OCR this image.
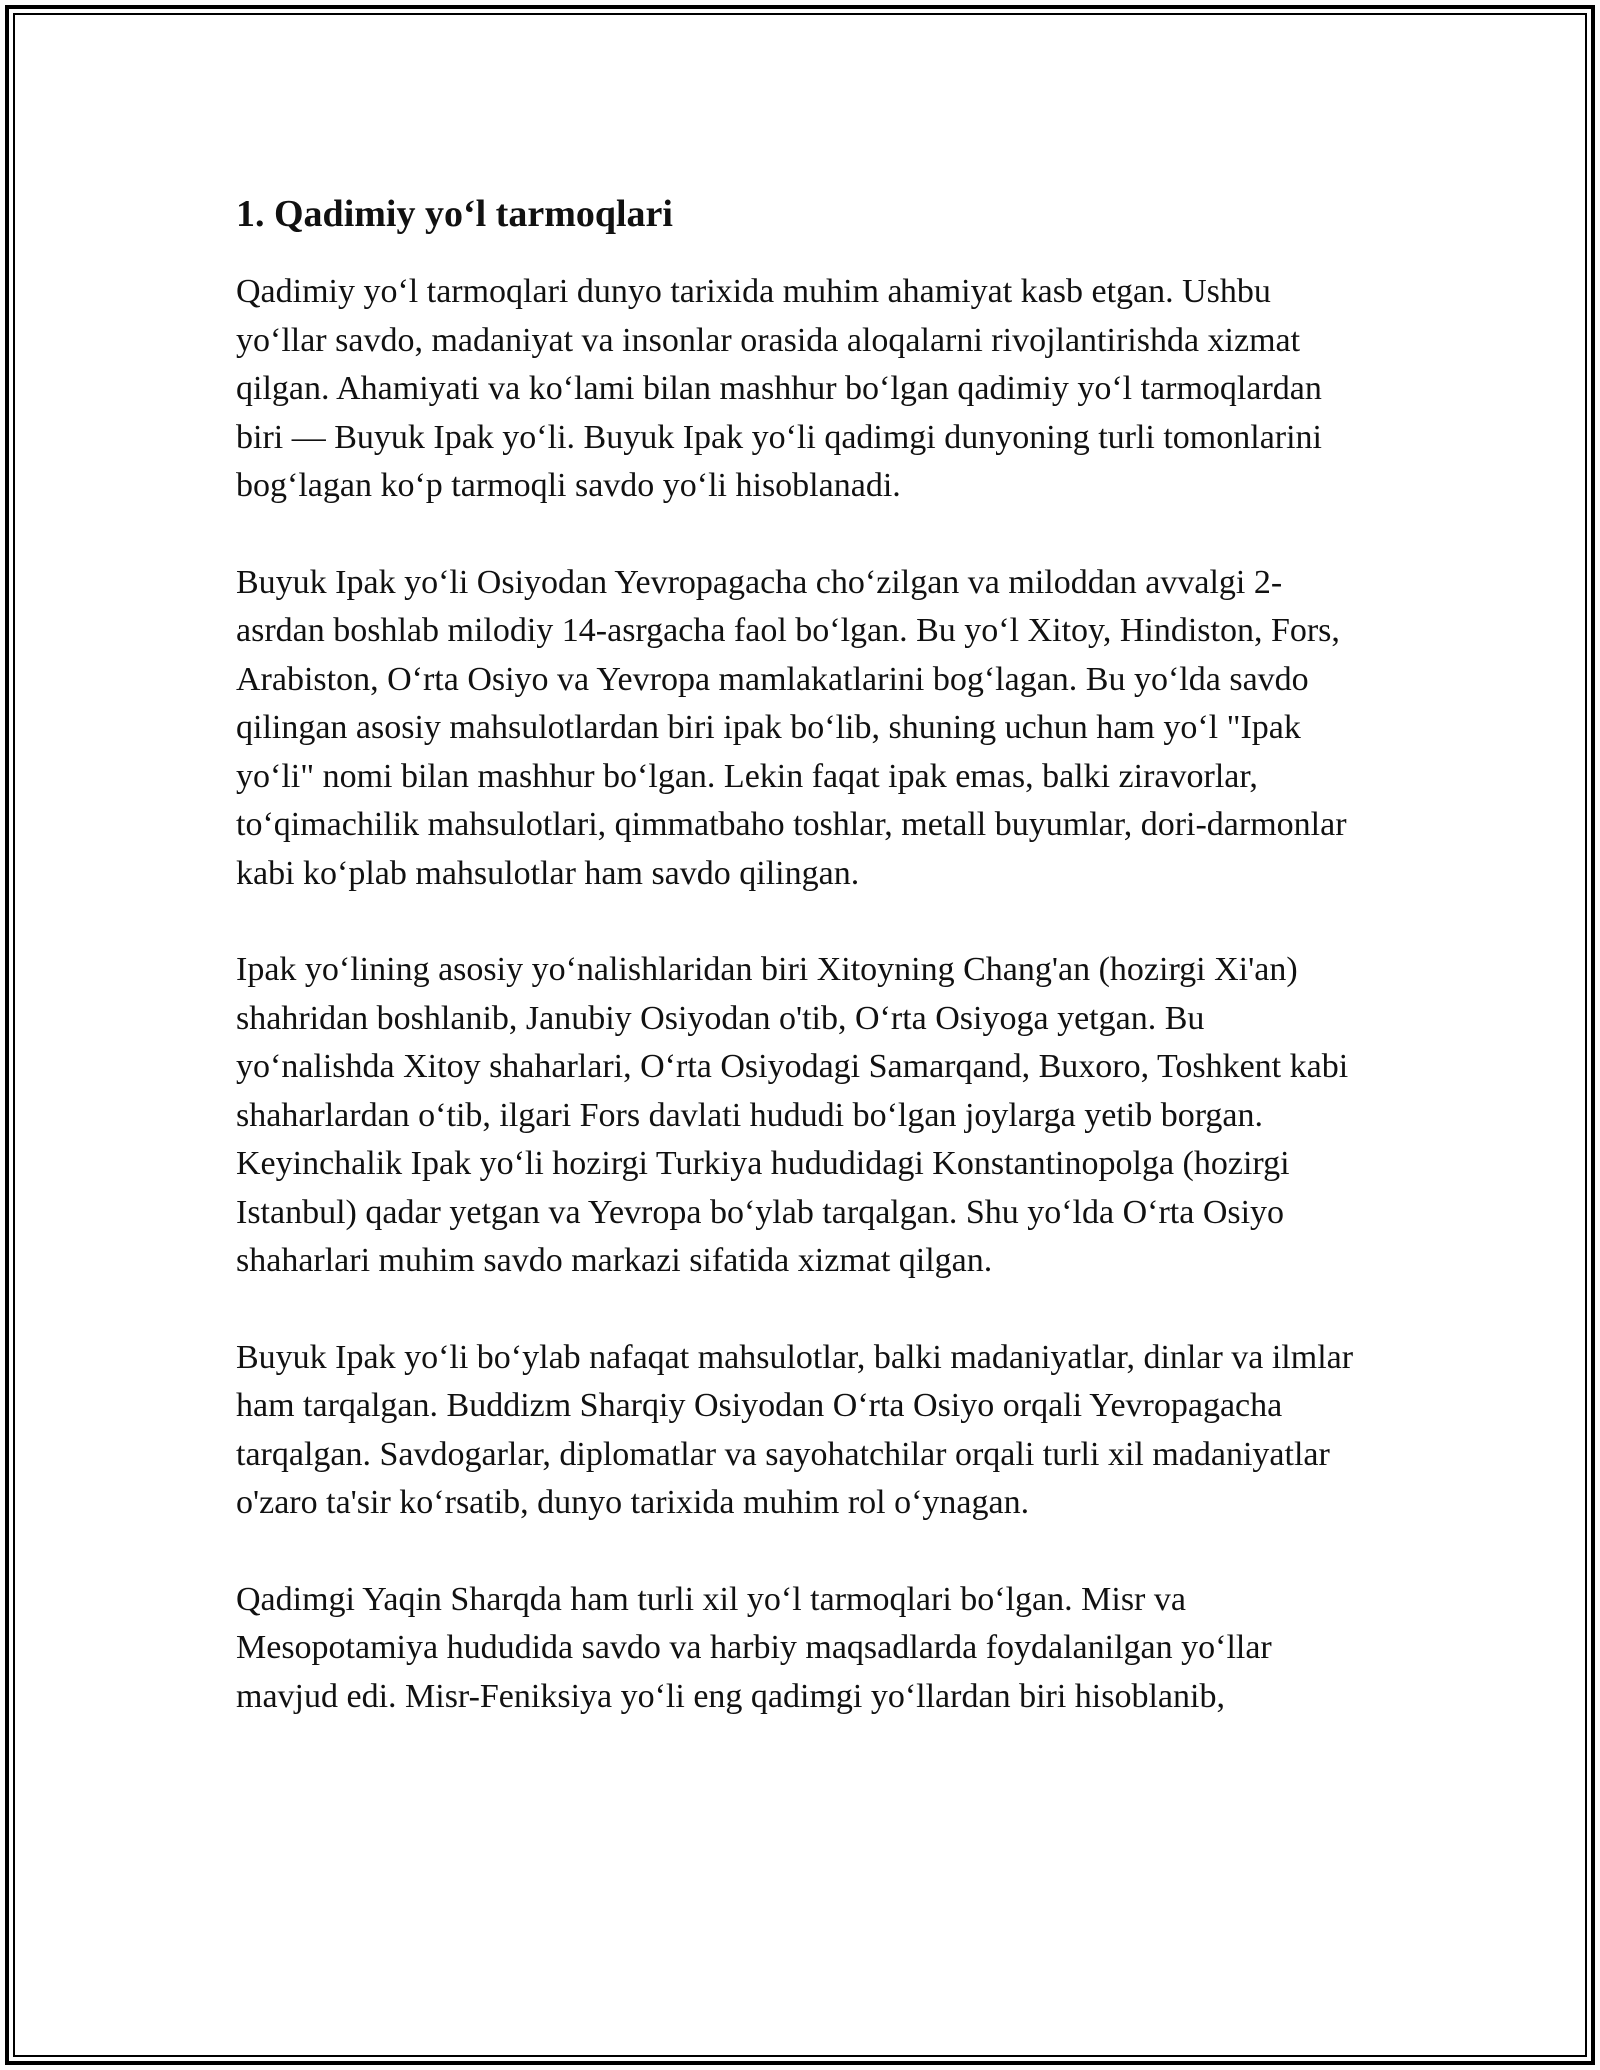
1. Qadimiy yo‘l tarmoqlari

Qadimiy yo‘l tarmoqlari dunyo tarixida muhim ahamiyat kasb etgan. Ushbu yo‘llar savdo, madaniyat va insonlar orasida aloqalarni rivojlantirishda xizmat qilgan. Ahamiyati va ko‘lami bilan mashhur bo‘lgan qadimiy yo‘l tarmoqlardan biri — Buyuk Ipak yo‘li. Buyuk Ipak yo‘li qadimgi dunyoning turli tomonlarini bog‘lagan ko‘p tarmoqli savdo yo‘li hisoblanadi.

Buyuk Ipak yo‘li Osiyodan Yevropagacha cho‘zilgan va miloddan avvalgi 2-asrdan boshlab milodiy 14-asrgacha faol bo‘lgan. Bu yo‘l Xitoy, Hindiston, Fors, Arabiston, O‘rta Osiyo va Yevropa mamlakatlarini bog‘lagan. Bu yo‘lda savdo qilingan asosiy mahsulotlardan biri ipak bo‘lib, shuning uchun ham yo‘l "Ipak yo‘li" nomi bilan mashhur bo‘lgan. Lekin faqat ipak emas, balki ziravorlar, to‘qimachilik mahsulotlari, qimmatbaho toshlar, metall buyumlar, dori-darmonlar kabi ko‘plab mahsulotlar ham savdo qilingan.

Ipak yo‘lining asosiy yo‘nalishlaridan biri Xitoyning Chang'an (hozirgi Xi'an) shahridan boshlanib, Janubiy Osiyodan o'tib, O‘rta Osiyoga yetgan. Bu yo‘nalishda Xitoy shaharlari, O‘rta Osiyodagi Samarqand, Buxoro, Toshkent kabi shaharlardan o‘tib, ilgari Fors davlati hududi bo‘lgan joylarga yetib borgan. Keyinchalik Ipak yo‘li hozirgi Turkiya hududidagi Konstantinopolga (hozirgi Istanbul) qadar yetgan va Yevropa bo‘ylab tarqalgan. Shu yo‘lda O‘rta Osiyo shaharlari muhim savdo markazi sifatida xizmat qilgan.

Buyuk Ipak yo‘li bo‘ylab nafaqat mahsulotlar, balki madaniyatlar, dinlar va ilmlar ham tarqalgan. Buddizm Sharqiy Osiyodan O‘rta Osiyo orqali Yevropagacha tarqalgan. Savdogarlar, diplomatlar va sayohatchilar orqali turli xil madaniyatlar o'zaro ta'sir ko‘rsatib, dunyo tarixida muhim rol o‘ynagan.

Qadimgi Yaqin Sharqda ham turli xil yo‘l tarmoqlari bo‘lgan. Misr va Mesopotamiya hududida savdo va harbiy maqsadlarda foydalanilgan yo‘llar mavjud edi. Misr-Feniksiya yo‘li eng qadimgi yo‘llardan biri hisoblanib,
